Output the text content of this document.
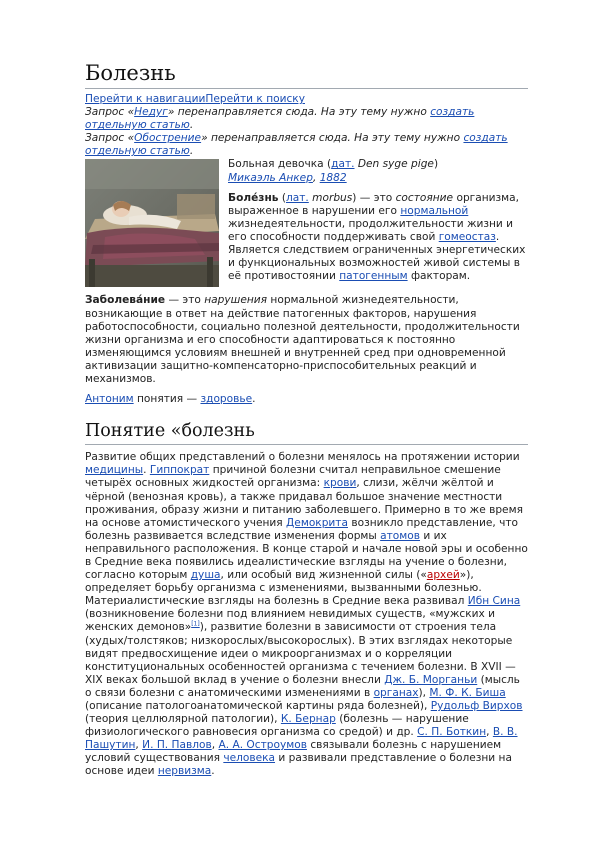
Болезнь
Перейти к навигацииПерейти к поиску
Запрос «Недуг» перенаправляется сюда. На эту тему нужно создать отдельную статью.
Запрос «Обострение» перенаправляется сюда. На эту тему нужно создать отдельную статью.
Больная девочка (дат. Den syge pige)
Микаэль Анкер, 1882
Боле́знь (лат. morbus) — это состояние организма, выраженное в нарушении его нормальной жизнедеятельности, продолжительности жизни и его способности поддерживать свой гомеостаз. Является следствием ограниченных энергетических и функциональных возможностей живой системы в её противостоянии патогенным факторам.
Заболева́ние — это нарушения нормальной жизнедеятельности, возникающие в ответ на действие патогенных факторов, нарушения работоспособности, социально полезной деятельности, продолжительности жизни организма и его способности адаптироваться к постоянно изменяющимся условиям внешней и внутренней сред при одновременной активизации защитно-компенсаторно-приспособительных реакций и механизмов.
Антоним понятия — здоровье.
Понятие «болезнь
Развитие общих представлений о болезни менялось на протяжении истории медицины. Гиппократ причиной болезни считал неправильное смешение четырёх основных жидкостей организма: крови, слизи, жёлчи жёлтой и чёрной (венозная кровь), а также придавал большое значение местности проживания, образу жизни и питанию заболевшего. Примерно в то же время на основе атомистического учения Демокрита возникло представление, что болезнь развивается вследствие изменения формы атомов и их неправильного расположения. В конце старой и начале новой эры и особенно в Средние века появились идеалистические взгляды на учение о болезни, согласно которым душа, или особый вид жизненной силы («архей»), определяет борьбу организма с изменениями, вызванными болезнью. Материалистические взгляды на болезнь в Средние века развивал Ибн Сина (возникновение болезни под влиянием невидимых существ, «мужских и женских демонов»[1]), развитие болезни в зависимости от строения тела (худых/толстяков; низкорослых/высокорослых). В этих взглядах некоторые видят предвосхищение идеи о микроорганизмах и о корреляции конституциональных особенностей организма с течением болезни. В XVII —XIX веках большой вклад в учение о болезни внесли Дж. Б. Морганьи (мысль о связи болезни с анатомическими изменениями в органах), М. Ф. К. Биша (описание патологоанатомической картины ряда болезней), Рудольф Вирхов (теория целлюлярной патологии), К. Бернар (болезнь — нарушение физиологического равновесия организма со средой) и др. С. П. Боткин, В. В. Пашутин, И. П. Павлов, А. А. Остроумов связывали болезнь с нарушением условий существования человека и развивали представление о болезни на основе идеи нервизма.
